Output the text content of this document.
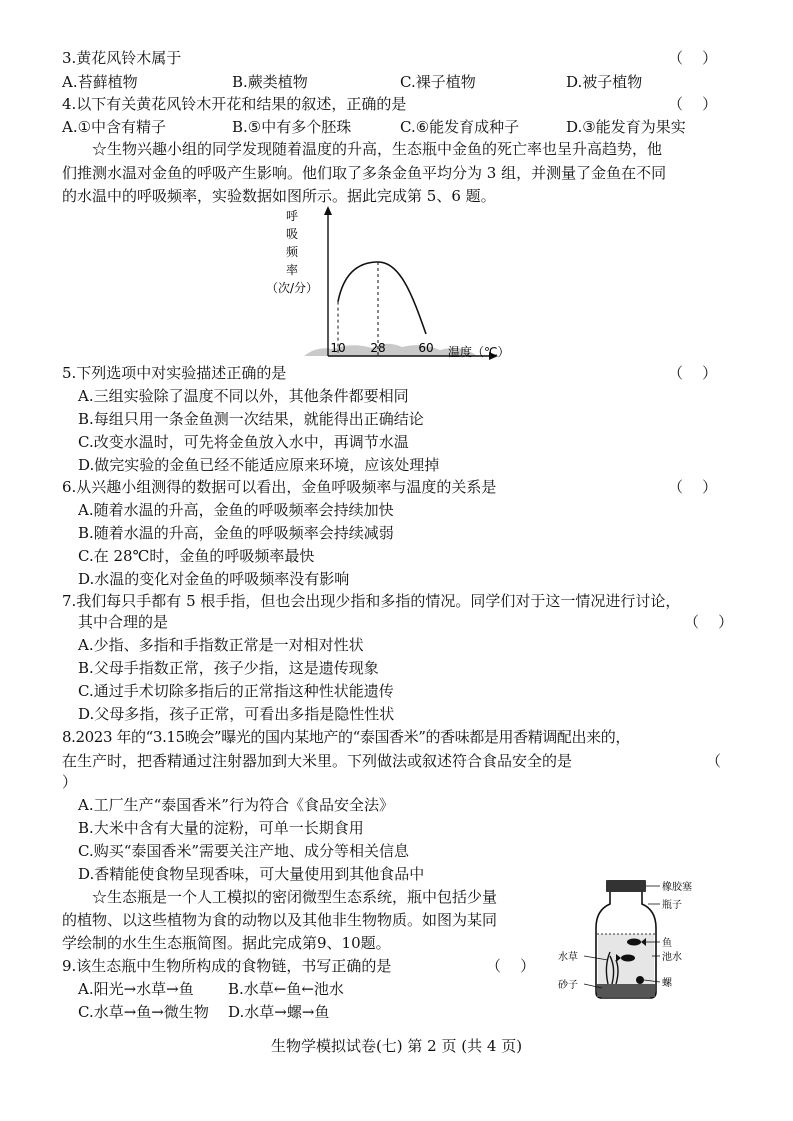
3.黄花风铃木属于	（    ）
A.苔藓植物	B.蕨类植物	C.裸子植物	D.被子植物
4.以下有关黄花风铃木开花和结果的叙述，正确的是	（    ）
A.①中含有精子	B.⑤中有多个胚珠	C.⑥能发育成种子	D.③能发育为果实
☆生物兴趣小组的同学发现随着温度的升高，生态瓶中金鱼的死亡率也呈升高趋势，他
们推测水温对金鱼的呼吸产生影响。他们取了多条金鱼平均分为 3 组，并测量了金鱼在不同
的水温中的呼吸频率，实验数据如图所示。据此完成第 5、6 题。
呼
吸
频
率
（次/分）
10 28	60 温度（℃）
5.下列选项中对实验描述正确的是	（    ）
A.三组实验除了温度不同以外，其他条件都要相同
B.每组只用一条金鱼测一次结果，就能得出正确结论
C.改变水温时，可先将金鱼放入水中，再调节水温
D.做完实验的金鱼已经不能适应原来环境，应该处理掉
6.从兴趣小组测得的数据可以看出，金鱼呼吸频率与温度的关系是	（    ）
A.随着水温的升高，金鱼的呼吸频率会持续加快
B.随着水温的升高，金鱼的呼吸频率会持续减弱
C.在 28℃时，金鱼的呼吸频率最快
D.水温的变化对金鱼的呼吸频率没有影响
7.我们每只手都有 5 根手指，但也会出现少指和多指的情况。同学们对于这一情况进行讨论，
其中合理的是	（    ）
A.少指、多指和手指数正常是一对相对性状
B.父母手指数正常，孩子少指，这是遗传现象
C.通过手术切除多指后的正常指这种性状能遗传
D.父母多指，孩子正常，可看出多指是隐性性状
8.2023 年的“3.15晚会”曝光的国内某地产的“泰国香米”的香味都是用香精调配出来的，
在生产时，把香精通过注射器加到大米里。下列做法或叙述符合食品安全的是	（
）
A.工厂生产“泰国香米”行为符合《食品安全法》
B.大米中含有大量的淀粉，可单一长期食用
C.购买“泰国香米”需要关注产地、成分等相关信息
D.香精能使食物呈现香味，可大量使用到其他食品中
☆生态瓶是一个人工模拟的密闭微型生态系统，瓶中包括少量
的植物、以这些植物为食的动物以及其他非生物物质。如图为某同
学绘制的水生生态瓶简图。据此完成第9、10题。
9.该生态瓶中生物所构成的食物链，书写正确的是	（    ）
A.阳光→水草→鱼 B.水草←鱼←池水
C.水草→鱼→微生物 D.水草→螺→鱼
橡胶塞
瓶子
鱼
池水
水草
砂子	螺
生物学模拟试卷(七) 第 2 页 (共 4 页)
